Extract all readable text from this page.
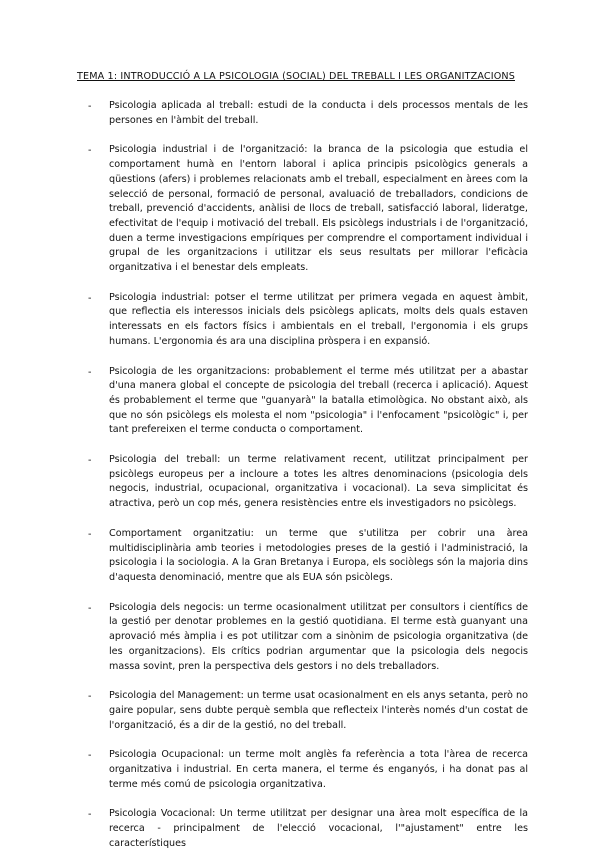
TEMA 1: INTRODUCCIÓ A LA PSICOLOGIA (SOCIAL) DEL TREBALL I LES ORGANITZACIONS
- Psicologia aplicada al treball: estudi de la conducta i dels processos mentals de les persones en l'àmbit del treball.

- Psicologia industrial i de l'organització: la branca de la psicologia que estudia el comportament humà en l'entorn laboral i aplica principis psicològics generals a qüestions (afers) i problemes relacionats amb el treball, especialment en àrees com la selecció de personal, formació de personal, avaluació de treballadors, condicions de treball, prevenció d'accidents, anàlisi de llocs de treball, satisfacció laboral, lideratge, efectivitat de l'equip i motivació del treball. Els psicòlegs industrials i de l'organització, duen a terme investigacions empíriques per comprendre el comportament individual i grupal de les organitzacions i utilitzar els seus resultats per millorar l'eficàcia organitzativa i el benestar dels empleats.

- Psicologia industrial: potser el terme utilitzat per primera vegada en aquest àmbit, que reflectia els interessos inicials dels psicòlegs aplicats, molts dels quals estaven interessats en els factors físics i ambientals en el treball, l'ergonomia i els grups humans. L'ergonomia és ara una disciplina pròspera i en expansió.

- Psicologia de les organitzacions: probablement el terme més utilitzat per a abastar d'una manera global el concepte de psicologia del treball (recerca i aplicació). Aquest és probablement el terme que "guanyarà" la batalla etimològica. No obstant això, als que no són psicòlegs els molesta el nom "psicologia" i l'enfocament "psicològic" i, per tant prefereixen el terme conducta o comportament.

- Psicologia del treball: un terme relativament recent, utilitzat principalment per psicòlegs europeus per a incloure a totes les altres denominacions (psicologia dels negocis, industrial, ocupacional, organitzativa i vocacional). La seva simplicitat és atractiva, però un cop més, genera resistències entre els investigadors no psicòlegs.

- Comportament organitzatiu: un terme que s'utilitza per cobrir una àrea multidisciplinària amb teories i metodologies preses de la gestió i l'administració, la psicologia i la sociologia. A la Gran Bretanya i Europa, els sociòlegs són la majoria dins d'aquesta denominació, mentre que als EUA són psicòlegs.

- Psicologia dels negocis: un terme ocasionalment utilitzat per consultors i científics de la gestió per denotar problemes en la gestió quotidiana. El terme està guanyant una aprovació més àmplia i es pot utilitzar com a sinònim de psicologia organitzativa (de les organitzacions). Els crítics podrian argumentar que la psicologia dels negocis massa sovint, pren la perspectiva dels gestors i no dels treballadors.

- Psicologia del Management: un terme usat ocasionalment en els anys setanta, però no gaire popular, sens dubte perquè sembla que reflecteix l'interès només d'un costat de l'organització, és a dir de la gestió, no del treball.

- Psicologia Ocupacional: un terme molt anglès fa referència a tota l'àrea de recerca organitzativa i industrial. En certa manera, el terme és enganyós, i ha donat pas al terme més comú de psicologia organitzativa.

- Psicologia Vocacional: Un terme utilitzat per designar una àrea molt específica de la recerca - principalment de l'elecció vocacional, l'"ajustament" entre les característiques
